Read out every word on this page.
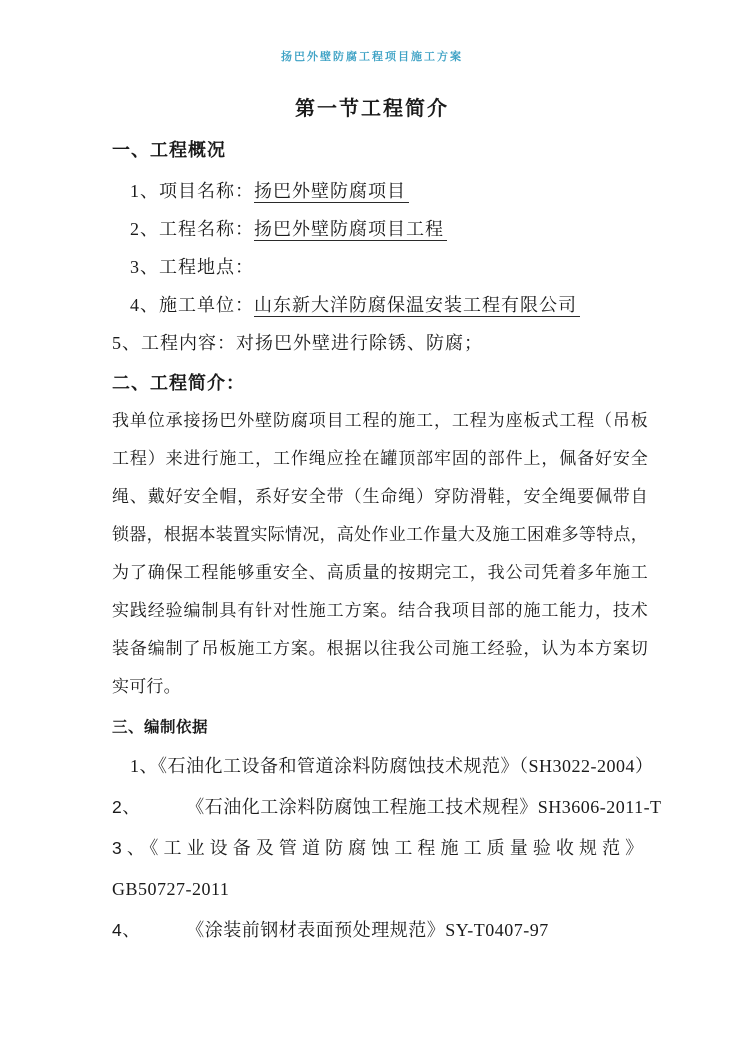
扬巴外壁防腐工程项目施工方案
第一节工程简介
一、工程概况
1、项目名称：扬巴外壁防腐项目
2、工程名称：扬巴外壁防腐项目工程
3、工程地点：
4、施工单位：山东新大洋防腐保温安装工程有限公司
5、工程内容：对扬巴外壁进行除锈、防腐；
二、工程简介：
我单位承接扬巴外壁防腐项目工程的施工，工程为座板式工程（吊板
工程）来进行施工，工作绳应拴在罐顶部牢固的部件上，佩备好安全
绳、戴好安全帽，系好安全带（生命绳）穿防滑鞋，安全绳要佩带自
锁器，根据本装置实际情况，高处作业工作量大及施工困难多等特点，
为了确保工程能够重安全、高质量的按期完工，我公司凭着多年施工
实践经验编制具有针对性施工方案。结合我项目部的施工能力，技术
装备编制了吊板施工方案。根据以往我公司施工经验，认为本方案切
实可行。
三、编制依据
1、《石油化工设备和管道涂料防腐蚀技术规范》（SH3022-2004）
2、	《石油化工涂料防腐蚀工程施工技术规程》SH3606-2011-T
3、《工业设备及管道防腐蚀工程施工质量验收规范》
GB50727-2011
4、	《涂装前钢材表面预处理规范》SY-T0407-97
